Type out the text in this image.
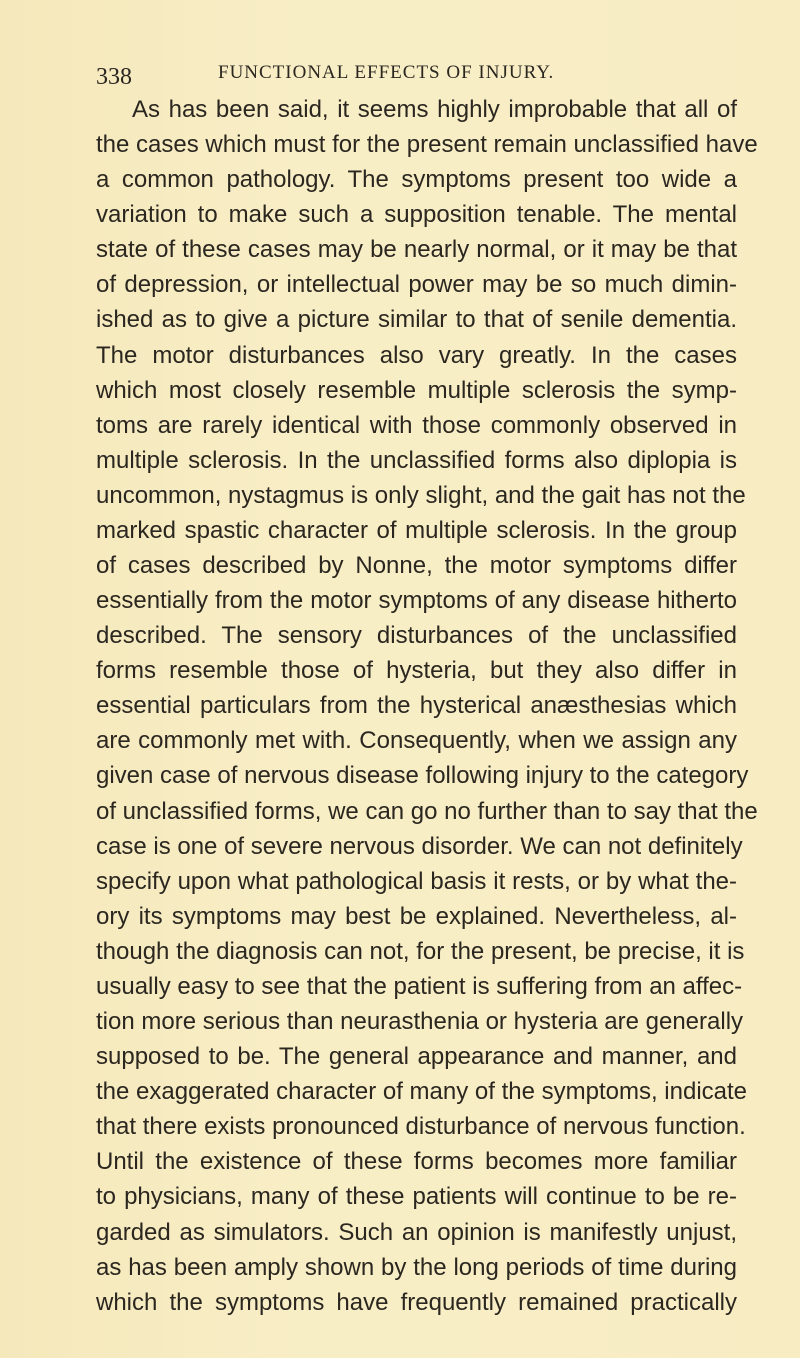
338	FUNCTIONAL EFFECTS OF INJURY.
As has been said, it seems highly improbable that all of
the cases which must for the present remain unclassified have
a common pathology. The symptoms present too wide a
variation to make such a supposition tenable. The mental
state of these cases may be nearly normal, or it may be that
of depression, or intellectual power may be so much dimin-
ished as to give a picture similar to that of senile dementia.
The motor disturbances also vary greatly. In the cases
which most closely resemble multiple sclerosis the symp-
toms are rarely identical with those commonly observed in
multiple sclerosis. In the unclassified forms also diplopia is
uncommon, nystagmus is only slight, and the gait has not the
marked spastic character of multiple sclerosis. In the group
of cases described by Nonne, the motor symptoms differ
essentially from the motor symptoms of any disease hitherto
described. The sensory disturbances of the unclassified
forms resemble those of hysteria, but they also differ in
essential particulars from the hysterical anæsthesias which
are commonly met with. Consequently, when we assign any
given case of nervous disease following injury to the category
of unclassified forms, we can go no further than to say that the
case is one of severe nervous disorder. We can not definitely
specify upon what pathological basis it rests, or by what the-
ory its symptoms may best be explained. Nevertheless, al-
though the diagnosis can not, for the present, be precise, it is
usually easy to see that the patient is suffering from an affec-
tion more serious than neurasthenia or hysteria are generally
supposed to be. The general appearance and manner, and
the exaggerated character of many of the symptoms, indicate
that there exists pronounced disturbance of nervous function.
Until the existence of these forms becomes more familiar
to physicians, many of these patients will continue to be re-
garded as simulators. Such an opinion is manifestly unjust,
as has been amply shown by the long periods of time during
which the symptoms have frequently remained practically
